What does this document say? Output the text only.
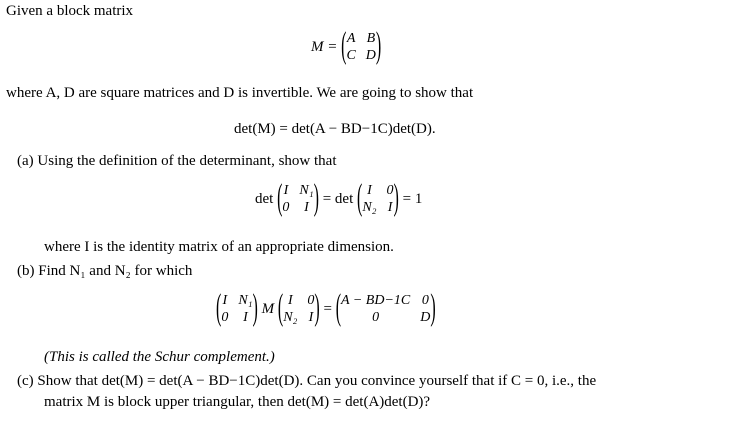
Given a block matrix
M = ( A B
C D )
where A, D are square matrices and D is invertible. We are going to show that
det(M) = det(A − BD−1C)det(D).
(a) Using the definition of the determinant, show that
det ( I N₁
0	I ) = det ( I	0
N₂ I ) = 1
where I is the identity matrix of an appropriate dimension.
(b) Find N₁ and N₂ for which
( I N₁
0	I ) M ( I	0
N₂ I ) = ( A − BD−1C 0
0	D )
(This is called the Schur complement.)
(c) Show that det(M) = det(A − BD−1C)det(D). Can you convince yourself that if C = 0, i.e., the
matrix M is block upper triangular, then det(M) = det(A)det(D)?
